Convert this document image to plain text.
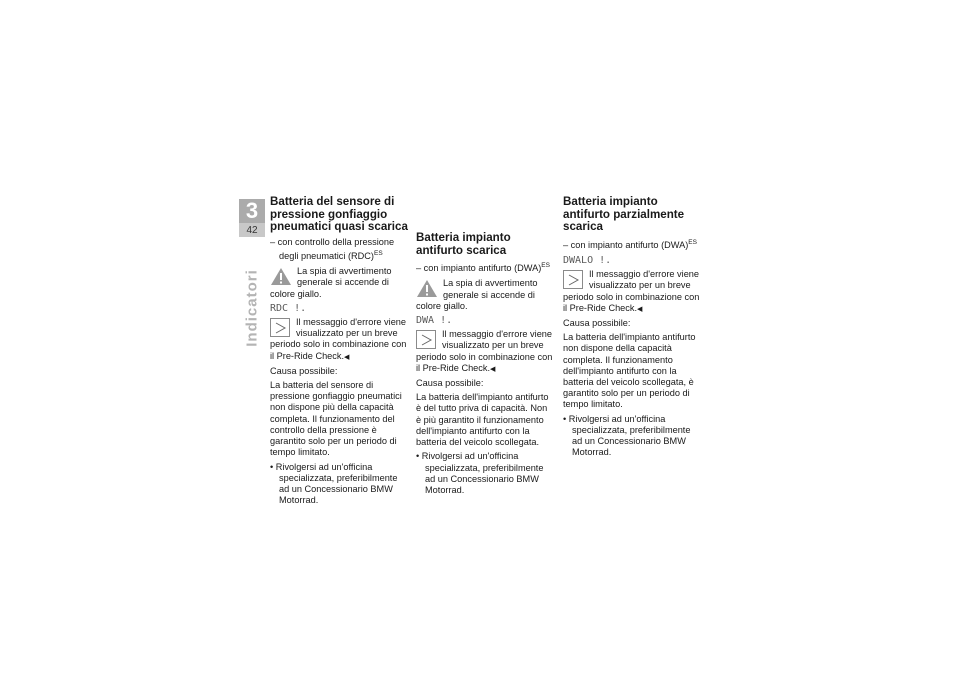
3
42
Indicatori
Batteria del sensore di pressione gonfiaggio pneumatici quasi scarica

– con controllo della pressione degli pneumatici (RDC)$^{ES}$

La spia di avvertimento generale si accende di colore giallo.
RDC !.
Il messaggio d'errore viene visualizzato per un breve periodo solo in combinazione con il Pre-Ride Check.◀

Causa possibile:

La batteria del sensore di pressione gonfiaggio pneumatici non dispone più della capacità completa. Il funzionamento del controllo della pressione è garantito solo per un periodo di tempo limitato.

• Rivolgersi ad un'officina specializzata, preferibilmente ad un Concessionario BMW Motorrad.

Batteria impianto antifurto scarica

– con impianto antifurto (DWA)$^{ES}$

La spia di avvertimento generale si accende di colore giallo.
DWA !.
Il messaggio d'errore viene visualizzato per un breve periodo solo in combinazione con il Pre-Ride Check.◀

Causa possibile:

La batteria dell'impianto antifurto è del tutto priva di capacità. Non è più garantito il funzionamento dell'impianto antifurto con la batteria del veicolo scollegata.

• Rivolgersi ad un'officina specializzata, preferibilmente ad un Concessionario BMW Motorrad.

Batteria impianto antifurto parzialmente scarica

– con impianto antifurto (DWA)$^{ES}$

DWALO !.
Il messaggio d'errore viene visualizzato per un breve periodo solo in combinazione con il Pre-Ride Check.◀

Causa possibile:

La batteria dell'impianto antifurto non dispone della capacità completa. Il funzionamento dell'impianto antifurto con la batteria del veicolo scollegata, è garantito solo per un periodo di tempo limitato.

• Rivolgersi ad un'officina specializzata, preferibilmente ad un Concessionario BMW Motorrad.
